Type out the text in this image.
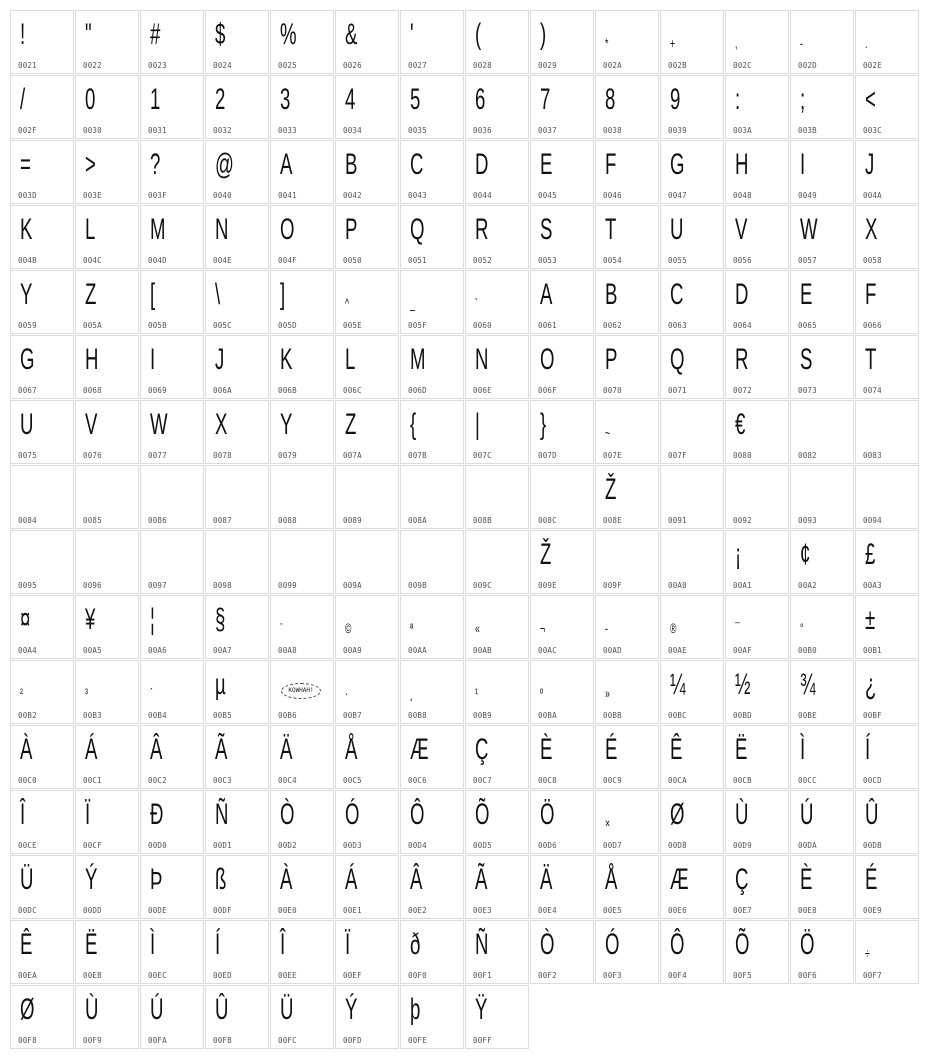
!
0021
"
0022
#
0023
$
0024
%
0025
&
0026
'
0027
(
0028
)
0029
*
002A
+
002B
,
002C
-
002D
.
002E
/
002F
0
0030
1
0031
2
0032
3
0033
4
0034
5
0035
6
0036
7
0037
8
0038
9
0039
:
003A
;
003B
<
003C
=
003D
>
003E
?
003F
@
0040
A
0041
B
0042
C
0043
D
0044
E
0045
F
0046
G
0047
H
0048
I
0049
J
004A
K
004B
L
004C
M
004D
N
004E
O
004F
P
0050
Q
0051
R
0052
S
0053
T
0054
U
0055
V
0056
W
0057
X
0058
Y
0059
Z
005A
[
005B
\
005C
]
005D
^
005E
_
005F
`
0060
A
0061
B
0062
C
0063
D
0064
E
0065
F
0066
G
0067
H
0068
I
0069
J
006A
K
006B
L
006C
M
006D
N
006E
O
006F
P
0070
Q
0071
R
0072
S
0073
T
0074
U
0075
V
0076
W
0077
X
0078
Y
0079
Z
007A
{
007B
|
007C
}
007D
~
007E	007F
€
0080	0082	0083
0084	0085	0086	0087	0088	0089	008A	008B	008C
Ž
008E	0091	0092	0093	0094
0095	0096	0097	0098	0099	009A	009B	009C
Ž
009E	009F	00A0
¡
00A1
¢
00A2
£
00A3
¤
00A4
¥
00A5
¦
00A6
§
00A7
¨
00A8
©
00A9
ª
00AA
«
00AB
¬
00AC
-
00AD
®
00AE
¯
00AF
°
00B0
±
00B1
²
00B2
³
00B3
´
00B4
µ
00B5
KOWHAH!
00B6
·
00B7
¸
00B8
¹
00B9
º
00BA
»
00BB
¼
00BC
½
00BD
¾
00BE
¿
00BF
À
00C0
Á
00C1
Â
00C2
Ã
00C3
Ä
00C4
Å
00C5
Æ
00C6
Ç
00C7
È
00C8
É
00C9
Ê
00CA
Ë
00CB
Ì
00CC
Í
00CD
Î
00CE
Ï
00CF
Ð
00D0
Ñ
00D1
Ò
00D2
Ó
00D3
Ô
00D4
Õ
00D5
Ö
00D6
×
00D7
Ø
00D8
Ù
00D9
Ú
00DA
Û
00DB
Ü
00DC
Ý
00DD
Þ
00DE
ß
00DF
À
00E0
Á
00E1
Â
00E2
Ã
00E3
Ä
00E4
Å
00E5
Æ
00E6
Ç
00E7
È
00E8
É
00E9
Ê
00EA
Ë
00EB
Ì
00EC
Í
00ED
Î
00EE
Ï
00EF
ð
00F0
Ñ
00F1
Ò
00F2
Ó
00F3
Ô
00F4
Õ
00F5
Ö
00F6
÷
00F7
Ø
00F8
Ù
00F9
Ú
00FA
Û
00FB
Ü
00FC
Ý
00FD
þ
00FE
Ÿ
00FF
